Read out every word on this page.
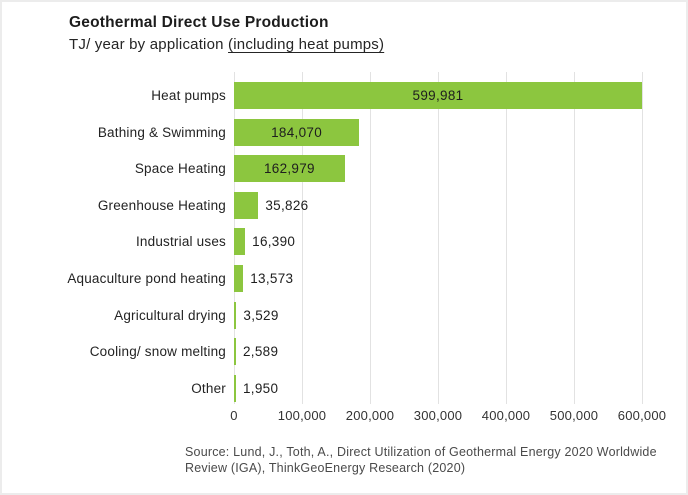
Geothermal Direct Use Production
TJ/ year by application (including heat pumps)
0	100,000	200,000	300,000	400,000	500,000	600,000
Heat pumps	599,981
Bathing & Swimming	184,070
Space Heating	162,979
Greenhouse Heating	35,826
Industrial uses 16,390
Aquaculture pond heating 13,573
Agricultural drying 3,529
Cooling/ snow melting 2,589
Other 1,950
Source: Lund, J., Toth, A., Direct Utilization of Geothermal Energy 2020 Worldwide
Review (IGA), ThinkGeoEnergy Research (2020)
